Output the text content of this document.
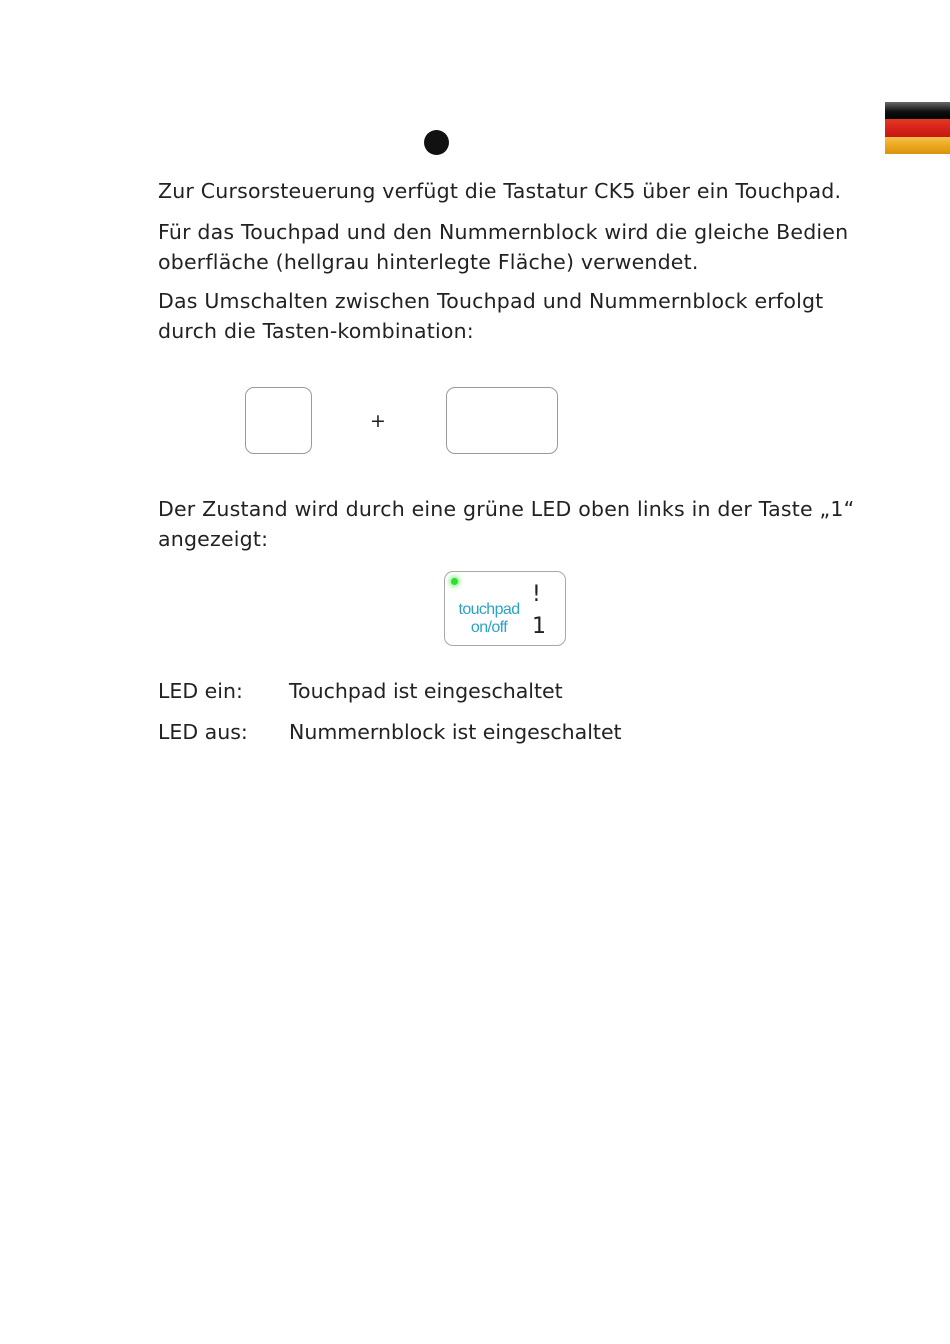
Zur Cursorsteuerung verfügt die Tastatur CK5 über ein Touchpad.

Für das Touchpad und den Nummernblock wird die gleiche Bedien oberfläche (hellgrau hinterlegte Fläche) verwendet.

Das Umschalten zwischen Touchpad und Nummernblock erfolgt durch die Tasten-kombination:

+

Der Zustand wird durch eine grüne LED oben links in der Taste „1“ angezeigt:

touchpad on/off
!
1
LED ein: Touchpad ist eingeschaltet
LED aus: Nummernblock ist eingeschaltet
